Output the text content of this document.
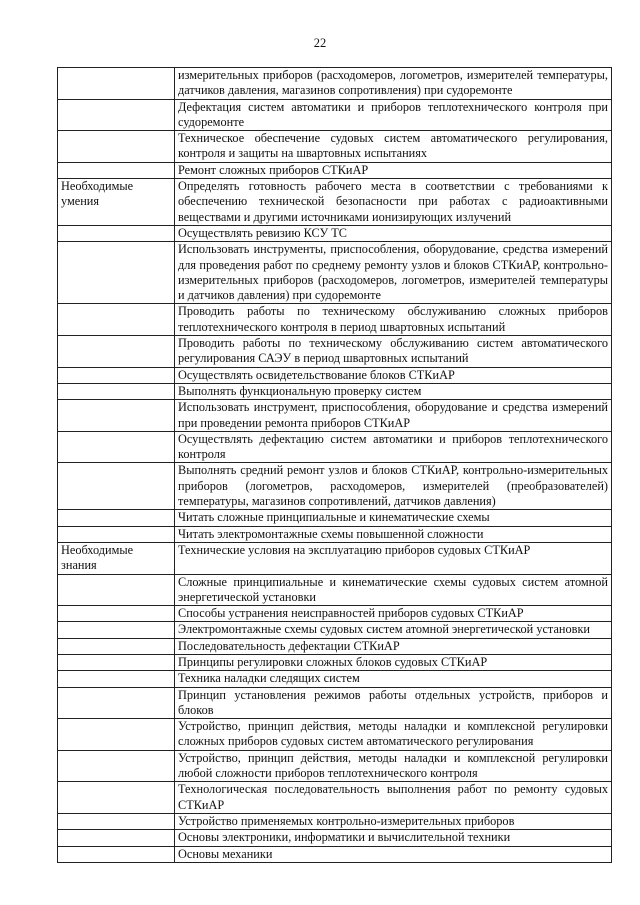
22
	измерительных приборов (расходомеров, логометров, измерителей температуры, датчиков давления, магазинов сопротивления) при судоремонте
	Дефектация систем автоматики и приборов теплотехнического контроля при судоремонте
	Техническое обеспечение судовых систем автоматического регулирования, контроля и защиты на швартовных испытаниях
	Ремонт сложных приборов СТКиАР
Необходимые умения	Определять готовность рабочего места в соответствии с требованиями к обеспечению технической безопасности при работах с радиоактивными веществами и другими источниками ионизирующих излучений
	Осуществлять ревизию КСУ ТС
	Использовать инструменты, приспособления, оборудование, средства измерений для проведения работ по среднему ремонту узлов и блоков СТКиАР, контрольно-измерительных приборов (расходомеров, логометров, измерителей температуры и датчиков давления) при судоремонте
	Проводить работы по техническому обслуживанию сложных приборов теплотехнического контроля в период швартовных испытаний
	Проводить работы по техническому обслуживанию систем автоматического регулирования САЭУ в период швартовных испытаний
	Осуществлять освидетельствование блоков СТКиАР
	Выполнять функциональную проверку систем
	Использовать инструмент, приспособления, оборудование и средства измерений при проведении ремонта приборов СТКиАР
	Осуществлять дефектацию систем автоматики и приборов теплотехнического контроля
	Выполнять средний ремонт узлов и блоков СТКиАР, контрольно-измерительных приборов (логометров, расходомеров, измерителей (преобразователей) температуры, магазинов сопротивлений, датчиков давления)
	Читать сложные принципиальные и кинематические схемы
	Читать электромонтажные схемы повышенной сложности
Необходимые знания	Технические условия на эксплуатацию приборов судовых СТКиАР
	Сложные принципиальные и кинематические схемы судовых систем атомной энергетической установки
	Способы устранения неисправностей приборов судовых СТКиАР
	Электромонтажные схемы судовых систем атомной энергетической установки
	Последовательность дефектации СТКиАР
	Принципы регулировки сложных блоков судовых СТКиАР
	Техника наладки следящих систем
	Принцип установления режимов работы отдельных устройств, приборов и блоков
	Устройство, принцип действия, методы наладки и комплексной регулировки сложных приборов судовых систем автоматического регулирования
	Устройство, принцип действия, методы наладки и комплексной регулировки любой сложности приборов теплотехнического контроля
	Технологическая последовательность выполнения работ по ремонту судовых СТКиАР
	Устройство применяемых контрольно-измерительных приборов
	Основы электроники, информатики и вычислительной техники
	Основы механики
